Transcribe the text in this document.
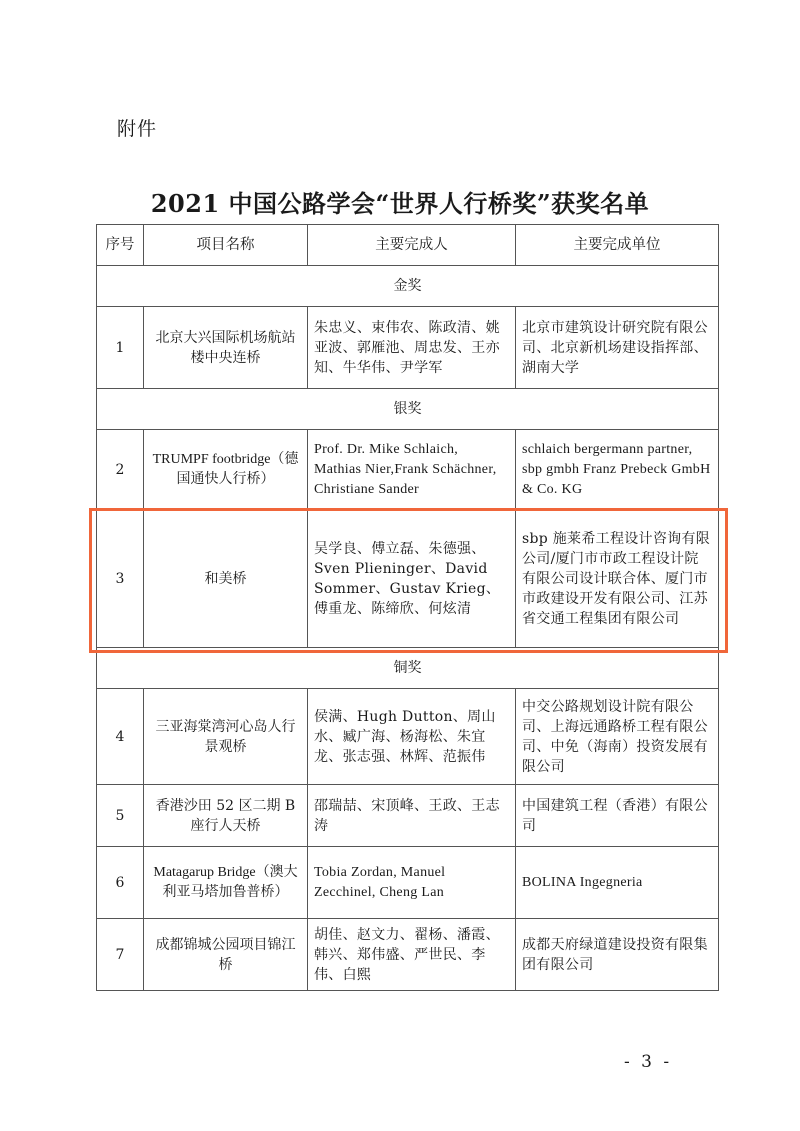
附件
2021 中国公路学会“世界人行桥奖”获奖名单
序号	项目名称	主要完成人	主要完成单位
金奖			
1	北京大兴国际机场航站楼中央连桥	朱忠义、束伟农、陈政清、姚亚波、郭雁池、周忠发、王亦知、牛华伟、尹学军	北京市建筑设计研究院有限公司、北京新机场建设指挥部、湖南大学
银奖			
2	TRUMPF footbridge（德国通快人行桥）	Prof. Dr. Mike Schlaich, Mathias Nier,Frank Schächner, Christiane Sander	schlaich bergermann partner, sbp gmbh Franz Prebeck GmbH & Co. KG
3	和美桥	吴学良、傅立磊、朱德强、Sven Plieninger、David Sommer、Gustav Krieg、傅重龙、陈缔欣、何炫清	sbp 施莱希工程设计咨询有限公司/厦门市市政工程设计院有限公司设计联合体、厦门市市政建设开发有限公司、江苏省交通工程集团有限公司
铜奖			
4	三亚海棠湾河心岛人行景观桥	侯满、Hugh Dutton、周山水、臧广海、杨海松、朱宜龙、张志强、林辉、范振伟	中交公路规划设计院有限公司、上海远通路桥工程有限公司、中免（海南）投资发展有限公司
5	香港沙田 52 区二期 B 座行人天桥	邵瑞喆、宋顶峰、王政、王志涛	中国建筑工程（香港）有限公司
6	Matagarup Bridge（澳大利亚马塔加鲁普桥）	Tobia Zordan, Manuel Zecchinel, Cheng Lan	BOLINA Ingegneria
7	成都锦城公园项目锦江桥	胡佳、赵文力、翟杨、潘霞、韩兴、郑伟盛、严世民、李伟、白熙	成都天府绿道建设投资有限集团有限公司
- 3 -
